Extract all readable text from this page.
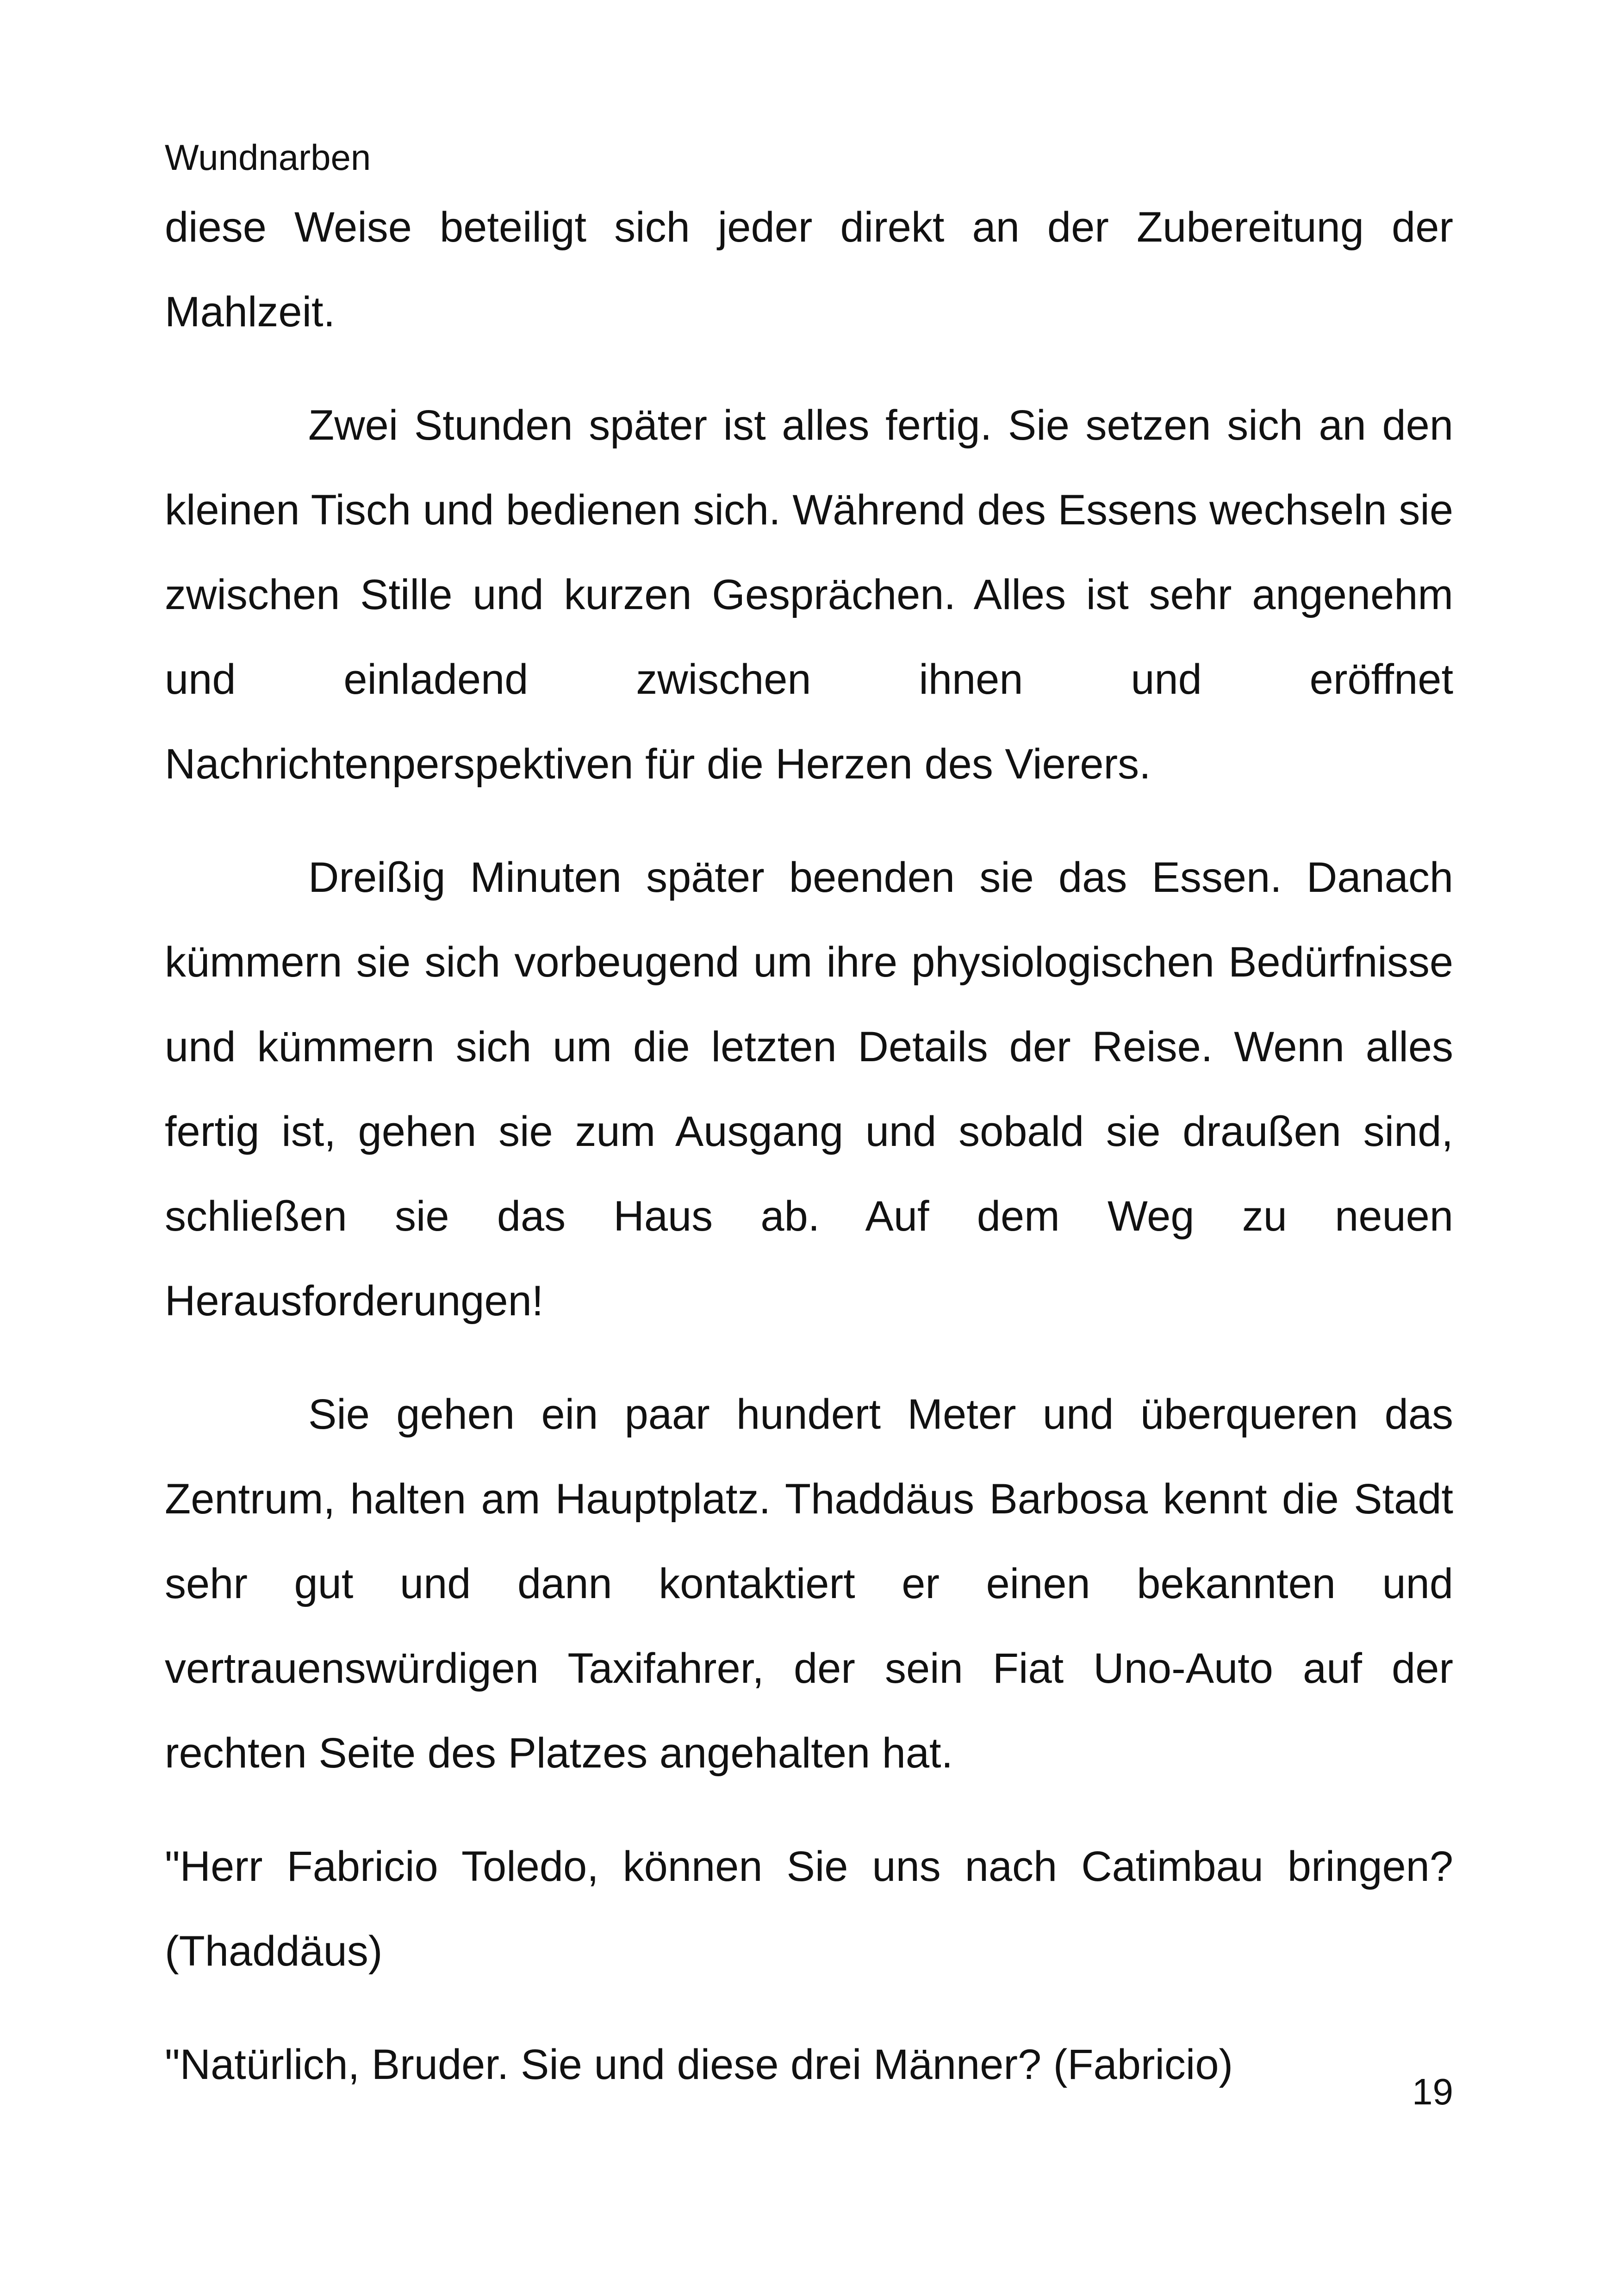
Wundnarben

diese Weise beteiligt sich jeder direkt an der Zubereitung der Mahlzeit.

Zwei Stunden später ist alles fertig. Sie setzen sich an den kleinen Tisch und bedienen sich. Während des Essens wechseln sie zwischen Stille und kurzen Gesprächen. Alles ist sehr angenehm und einladend zwischen ihnen und eröffnet Nachrichtenperspektiven für die Herzen des Vierers.

Dreißig Minuten später beenden sie das Essen. Danach kümmern sie sich vorbeugend um ihre physiologischen Bedürfnisse und kümmern sich um die letzten Details der Reise. Wenn alles fertig ist, gehen sie zum Ausgang und sobald sie draußen sind, schließen sie das Haus ab. Auf dem Weg zu neuen Herausforderungen!

Sie gehen ein paar hundert Meter und überqueren das Zentrum, halten am Hauptplatz. Thaddäus Barbosa kennt die Stadt sehr gut und dann kontaktiert er einen bekannten und vertrauenswürdigen Taxifahrer, der sein Fiat Uno-Auto auf der rechten Seite des Platzes angehalten hat.

"Herr Fabricio Toledo, können Sie uns nach Catimbau bringen? (Thaddäus)

"Natürlich, Bruder. Sie und diese drei Männer? (Fabricio)

19
